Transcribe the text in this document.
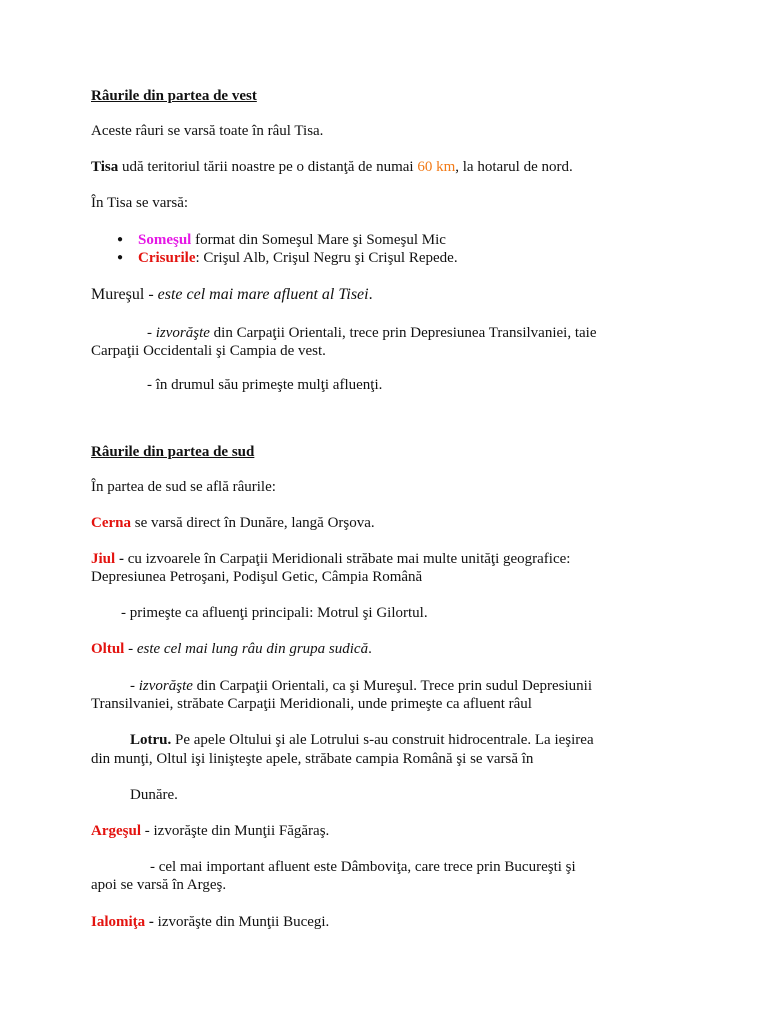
Râurile din partea de vest
Aceste râuri se varsă toate în râul Tisa.
Tisa udă teritoriul tării noastre pe o distanţă de numai 60 km, la hotarul de nord.
În Tisa se varsă:
● Someşul format din Someşul Mare şi Someşul Mic
● Crisurile: Crişul Alb, Crişul Negru şi Crişul Repede.
Mureşul - este cel mai mare afluent al Tisei.
- izvorăşte din Carpaţii Orientali, trece prin Depresiunea Transilvaniei, taie
Carpaţii Occidentali şi Campia de vest.
- în drumul său primeşte mulţi afluenţi.
Râurile din partea de sud
În partea de sud se află râurile:
Cerna se varsă direct în Dunăre, langă Orşova.
Jiul - cu izvoarele în Carpaţii Meridionali străbate mai multe unităţi geografice:
Depresiunea Petroşani, Podişul Getic, Câmpia Română
- primeşte ca afluenţi principali: Motrul şi Gilortul.
Oltul - este cel mai lung râu din grupa sudică.
- izvorăşte din Carpaţii Orientali, ca şi Mureşul. Trece prin sudul Depresiunii
Transilvaniei, străbate Carpaţii Meridionali, unde primeşte ca afluent râul
Lotru. Pe apele Oltului şi ale Lotrului s-au construit hidrocentrale. La ieşirea
din munţi, Oltul işi linişteşte apele, străbate campia Română şi se varsă în
Dunăre.
Argeşul - izvorăşte din Munţii Făgăraş.
- cel mai important afluent este Dâmboviţa, care trece prin Bucureşti şi
apoi se varsă în Argeş.
Ialomiţa - izvorăşte din Munţii Bucegi.
